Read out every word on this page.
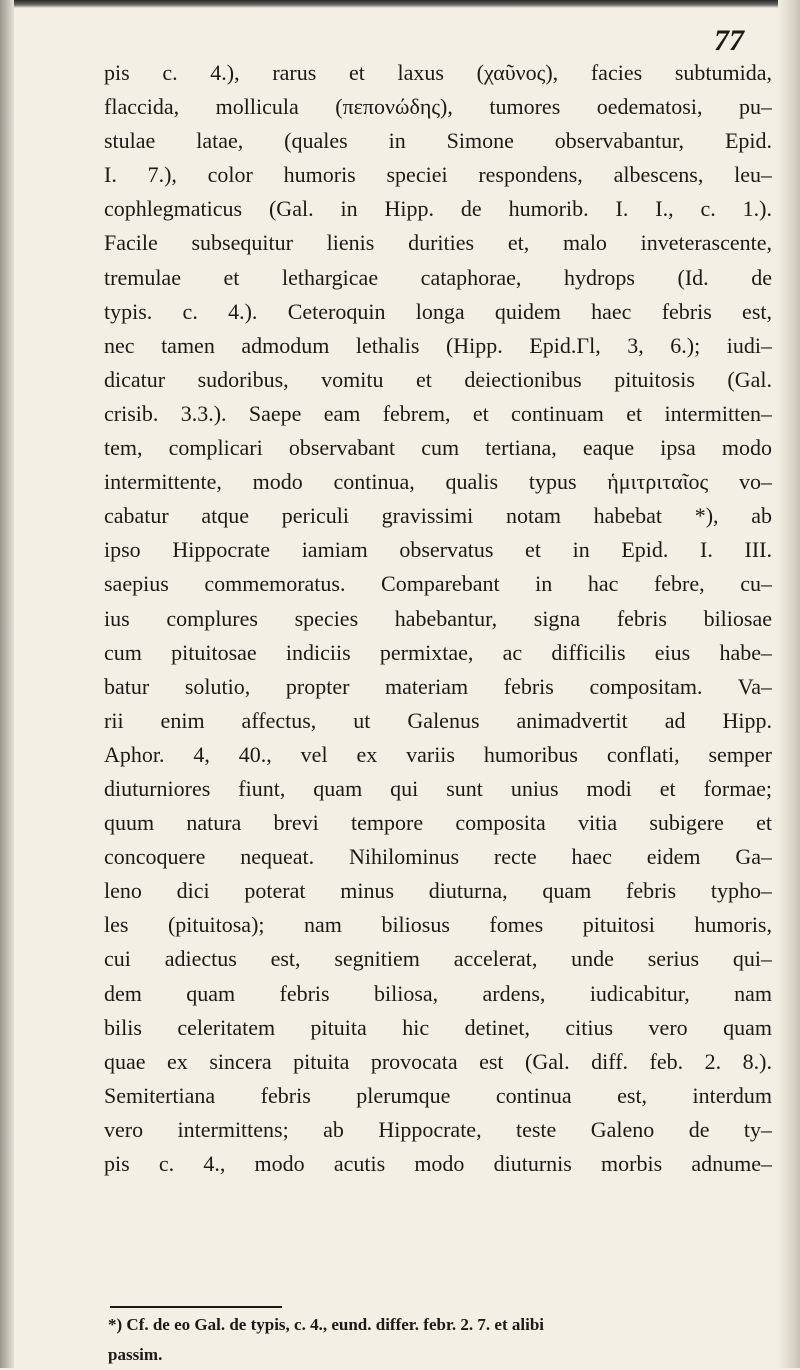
77
pis c. 4.), rarus et laxus (χαῦνος), facies subtumida,
flaccida, mollicula (πεπονώδης), tumores oedematosi, pu–
stulae latae, (quales in Simone observabantur, Epid.
I. 7.), color humoris speciei respondens, albescens, leu–
cophlegmaticus (Gal. in Hipp. de humorib. I. I., c. 1.).
Facile subsequitur lienis durities et, malo inveterascente,
tremulae et lethargicae cataphorae, hydrops (Id. de
typis. c. 4.). Ceteroquin longa quidem haec febris est,
nec tamen admodum lethalis (Hipp. Epid.Γl, 3, 6.); iudi–
dicatur sudoribus, vomitu et deiectionibus pituitosis (Gal.
crisib. 3.3.). Saepe eam febrem, et continuam et intermitten–
tem, complicari observabant cum tertiana, eaque ipsa modo
intermittente, modo continua, qualis typus ἡμιτριταῖος vo–
cabatur atque periculi gravissimi notam habebat *), ab
ipso Hippocrate iamiam observatus et in Epid. I. III.
saepius commemoratus. Comparebant in hac febre, cu–
ius complures species habebantur, signa febris biliosae
cum pituitosae indiciis permixtae, ac difficilis eius habe–
batur solutio, propter materiam febris compositam. Va–
rii enim affectus, ut Galenus animadvertit ad Hipp.
Aphor. 4, 40., vel ex variis humoribus conflati, semper
diuturniores fiunt, quam qui sunt unius modi et formae;
quum natura brevi tempore composita vitia subigere et
concoquere nequeat. Nihilominus recte haec eidem Ga–
leno dici poterat minus diuturna, quam febris typho–
les (pituitosa); nam biliosus fomes pituitosi humoris,
cui adiectus est, segnitiem accelerat, unde serius qui–
dem quam febris biliosa, ardens, iudicabitur, nam
bilis celeritatem pituita hic detinet, citius vero quam
quae ex sincera pituita provocata est (Gal. diff. feb. 2. 8.).
Semitertiana febris plerumque continua est, interdum
vero intermittens; ab Hippocrate, teste Galeno de ty–
pis c. 4., modo acutis modo diuturnis morbis adnume–
*) Cf. de eo Gal. de typis, c. 4., eund. differ. febr. 2. 7. et alibi
passim.
